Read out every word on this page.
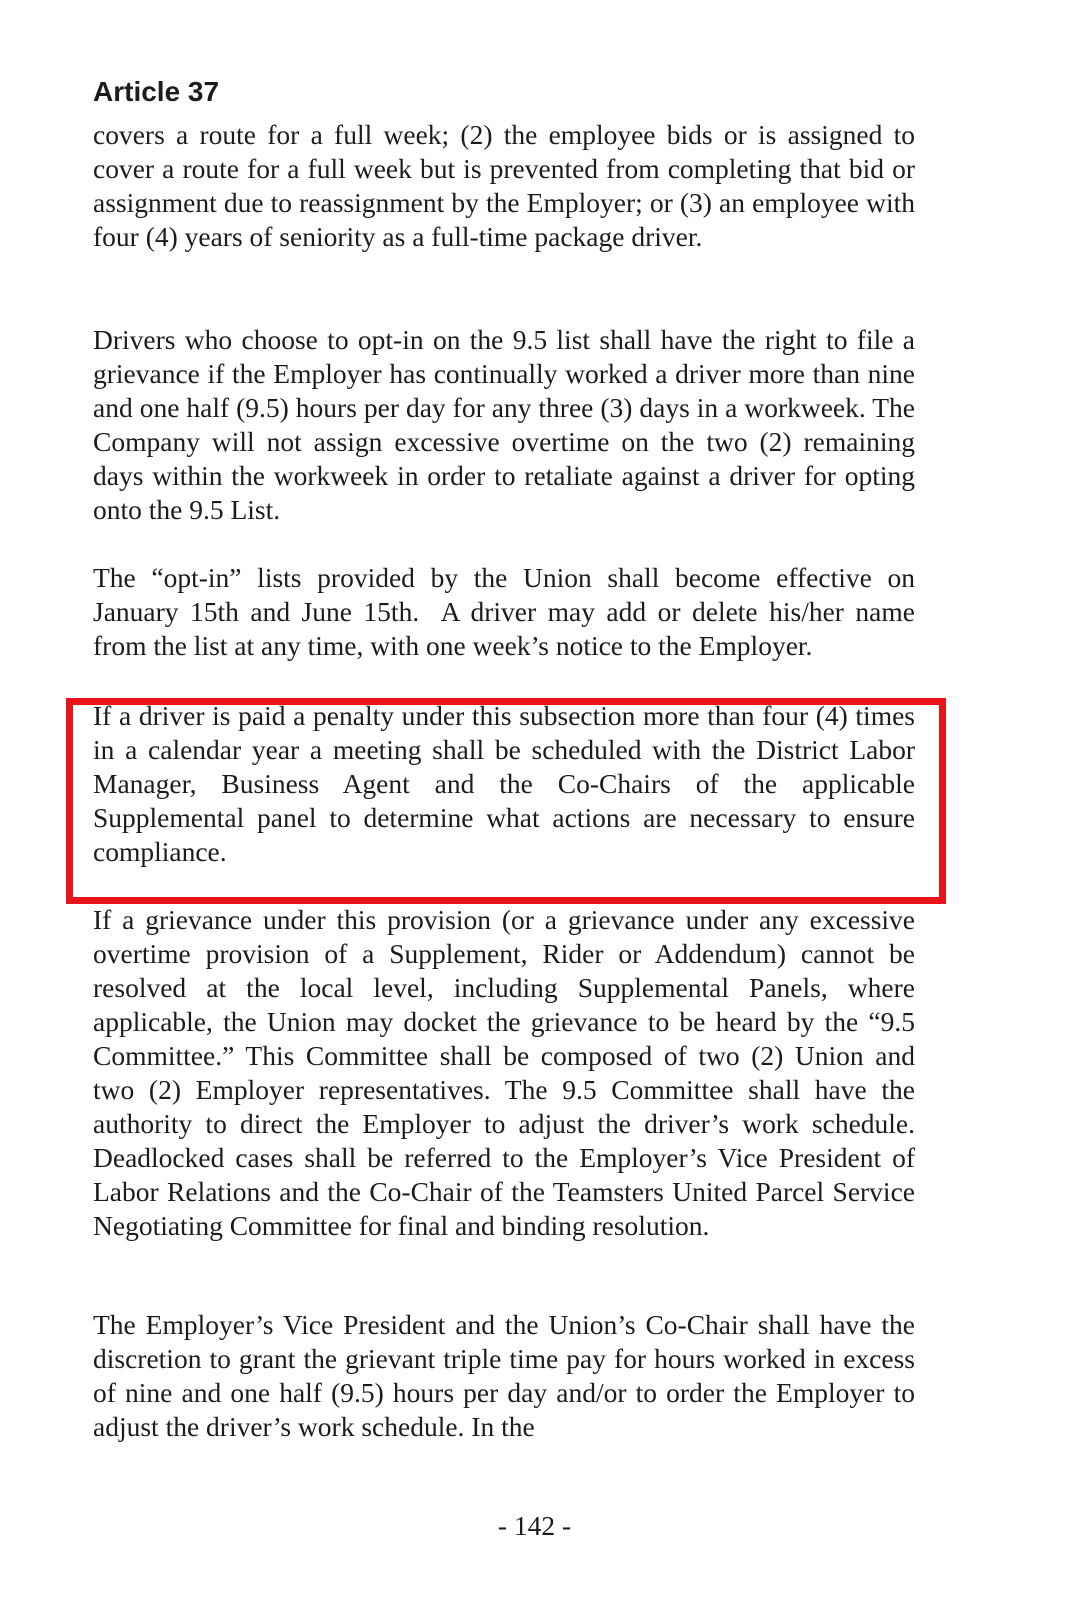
Article 37

covers a route for a full week; (2) the employee bids or is assigned to cover a route for a full week but is prevented from completing that bid or assignment due to reassignment by the Employer; or (3) an employee with four (4) years of seniority as a full-time package driver.

Drivers who choose to opt-in on the 9.5 list shall have the right to file a grievance if the Employer has continually worked a driver more than nine and one half (9.5) hours per day for any three (3) days in a workweek. The Company will not assign excessive overtime on the two (2) remaining days within the workweek in order to retaliate against a driver for opting onto the 9.5 List.

The “opt-in” lists provided by the Union shall become effective on January 15th and June 15th.  A driver may add or delete his/her name from the list at any time, with one week’s notice to the Employer.

If a driver is paid a penalty under this subsection more than four (4) times in a calendar year a meeting shall be scheduled with the District Labor Manager, Business Agent and the Co-Chairs of the applicable Supplemental panel to determine what actions are necessary to ensure compliance.

If a grievance under this provision (or a grievance under any excessive overtime provision of a Supplement, Rider or Addendum) cannot be resolved at the local level, including Supplemental Panels, where applicable, the Union may docket the grievance to be heard by the “9.5 Committee.” This Committee shall be composed of two (2) Union and two (2) Employer representatives. The 9.5 Committee shall have the authority to direct the Employer to adjust the driver’s work schedule. Deadlocked cases shall be referred to the Employer’s Vice President of Labor Relations and the Co-Chair of the Teamsters United Parcel Service Negotiating Committee for final and binding resolution.

The Employer’s Vice President and the Union’s Co-Chair shall have the discretion to grant the grievant triple time pay for hours worked in excess of nine and one half (9.5) hours per day and/or to order the Employer to adjust the driver’s work schedule. In the

- 142 -
